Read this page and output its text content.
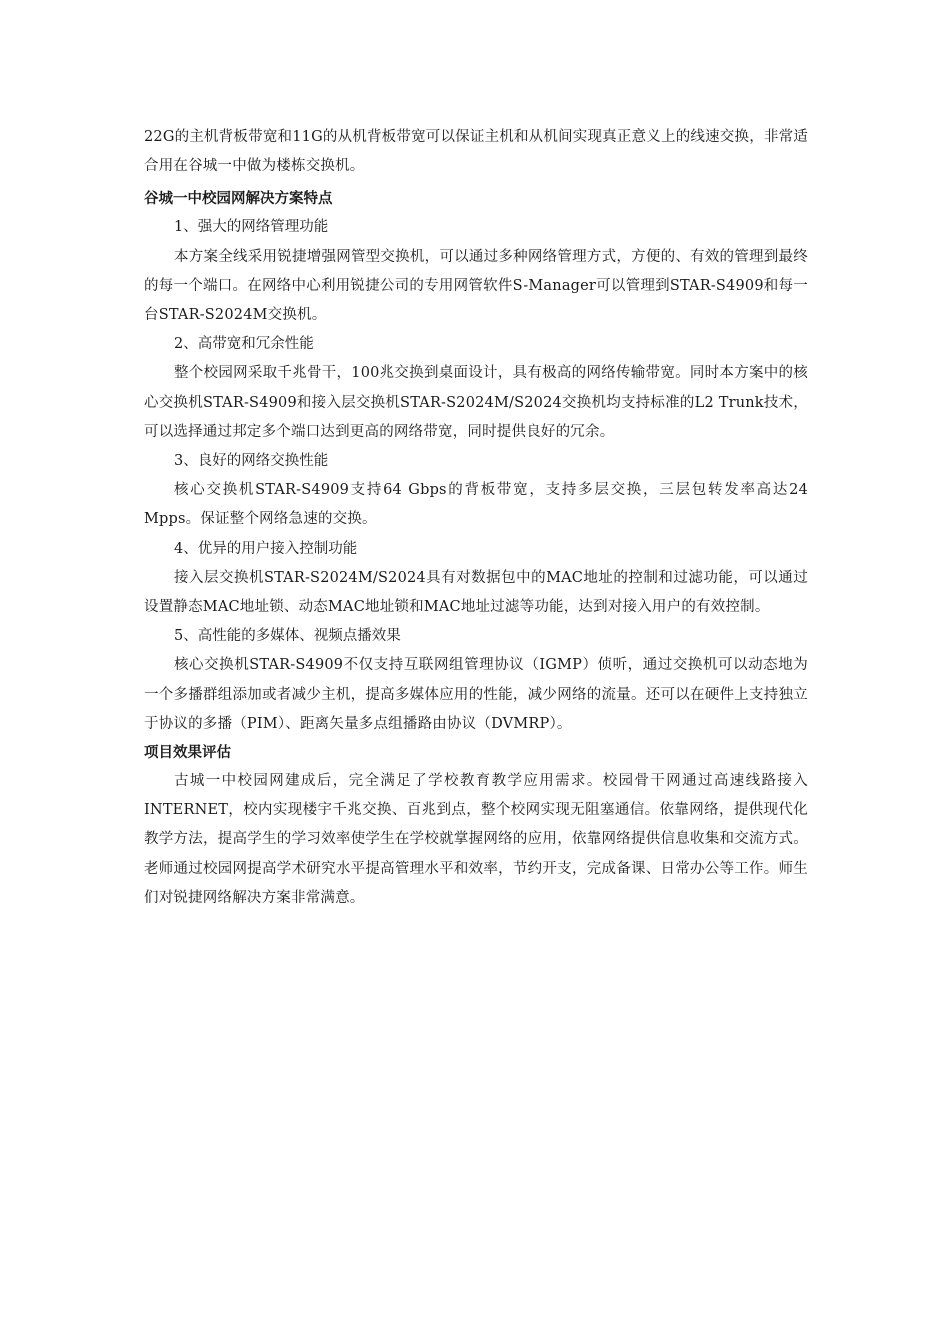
22G的主机背板带宽和11G的从机背板带宽可以保证主机和从机间实现真正意义上的线速交换，非常适合用在谷城一中做为楼栋交换机。

谷城一中校园网解决方案特点

1、强大的网络管理功能

本方案全线采用锐捷增强网管型交换机，可以通过多种网络管理方式，方便的、有效的管理到最终的每一个端口。在网络中心利用锐捷公司的专用网管软件S-Manager可以管理到STAR-S4909和每一台STAR-S2024M交换机。

2、高带宽和冗余性能

整个校园网采取千兆骨干，100兆交换到桌面设计，具有极高的网络传输带宽。同时本方案中的核心交换机STAR-S4909和接入层交换机STAR-S2024M/S2024交换机均支持标准的L2 Trunk技术，可以选择通过邦定多个端口达到更高的网络带宽，同时提供良好的冗余。

3、良好的网络交换性能

核心交换机STAR-S4909支持64 Gbps的背板带宽，支持多层交换，三层包转发率高达24 Mpps。保证整个网络急速的交换。

4、优异的用户接入控制功能

接入层交换机STAR-S2024M/S2024具有对数据包中的MAC地址的控制和过滤功能，可以通过设置静态MAC地址锁、动态MAC地址锁和MAC地址过滤等功能，达到对接入用户的有效控制。

5、高性能的多媒体、视频点播效果

核心交换机STAR-S4909不仅支持互联网组管理协议（IGMP）侦听，通过交换机可以动态地为一个多播群组添加或者减少主机，提高多媒体应用的性能，减少网络的流量。还可以在硬件上支持独立于协议的多播（PIM）、距离矢量多点组播路由协议（DVMRP）。

项目效果评估

古城一中校园网建成后，完全满足了学校教育教学应用需求。校园骨干网通过高速线路接入INTERNET，校内实现楼宇千兆交换、百兆到点，整个校网实现无阻塞通信。依靠网络，提供现代化教学方法，提高学生的学习效率使学生在学校就掌握网络的应用，依靠网络提供信息收集和交流方式。老师通过校园网提高学术研究水平提高管理水平和效率，节约开支，完成备课、日常办公等工作。师生们对锐捷网络解决方案非常满意。
